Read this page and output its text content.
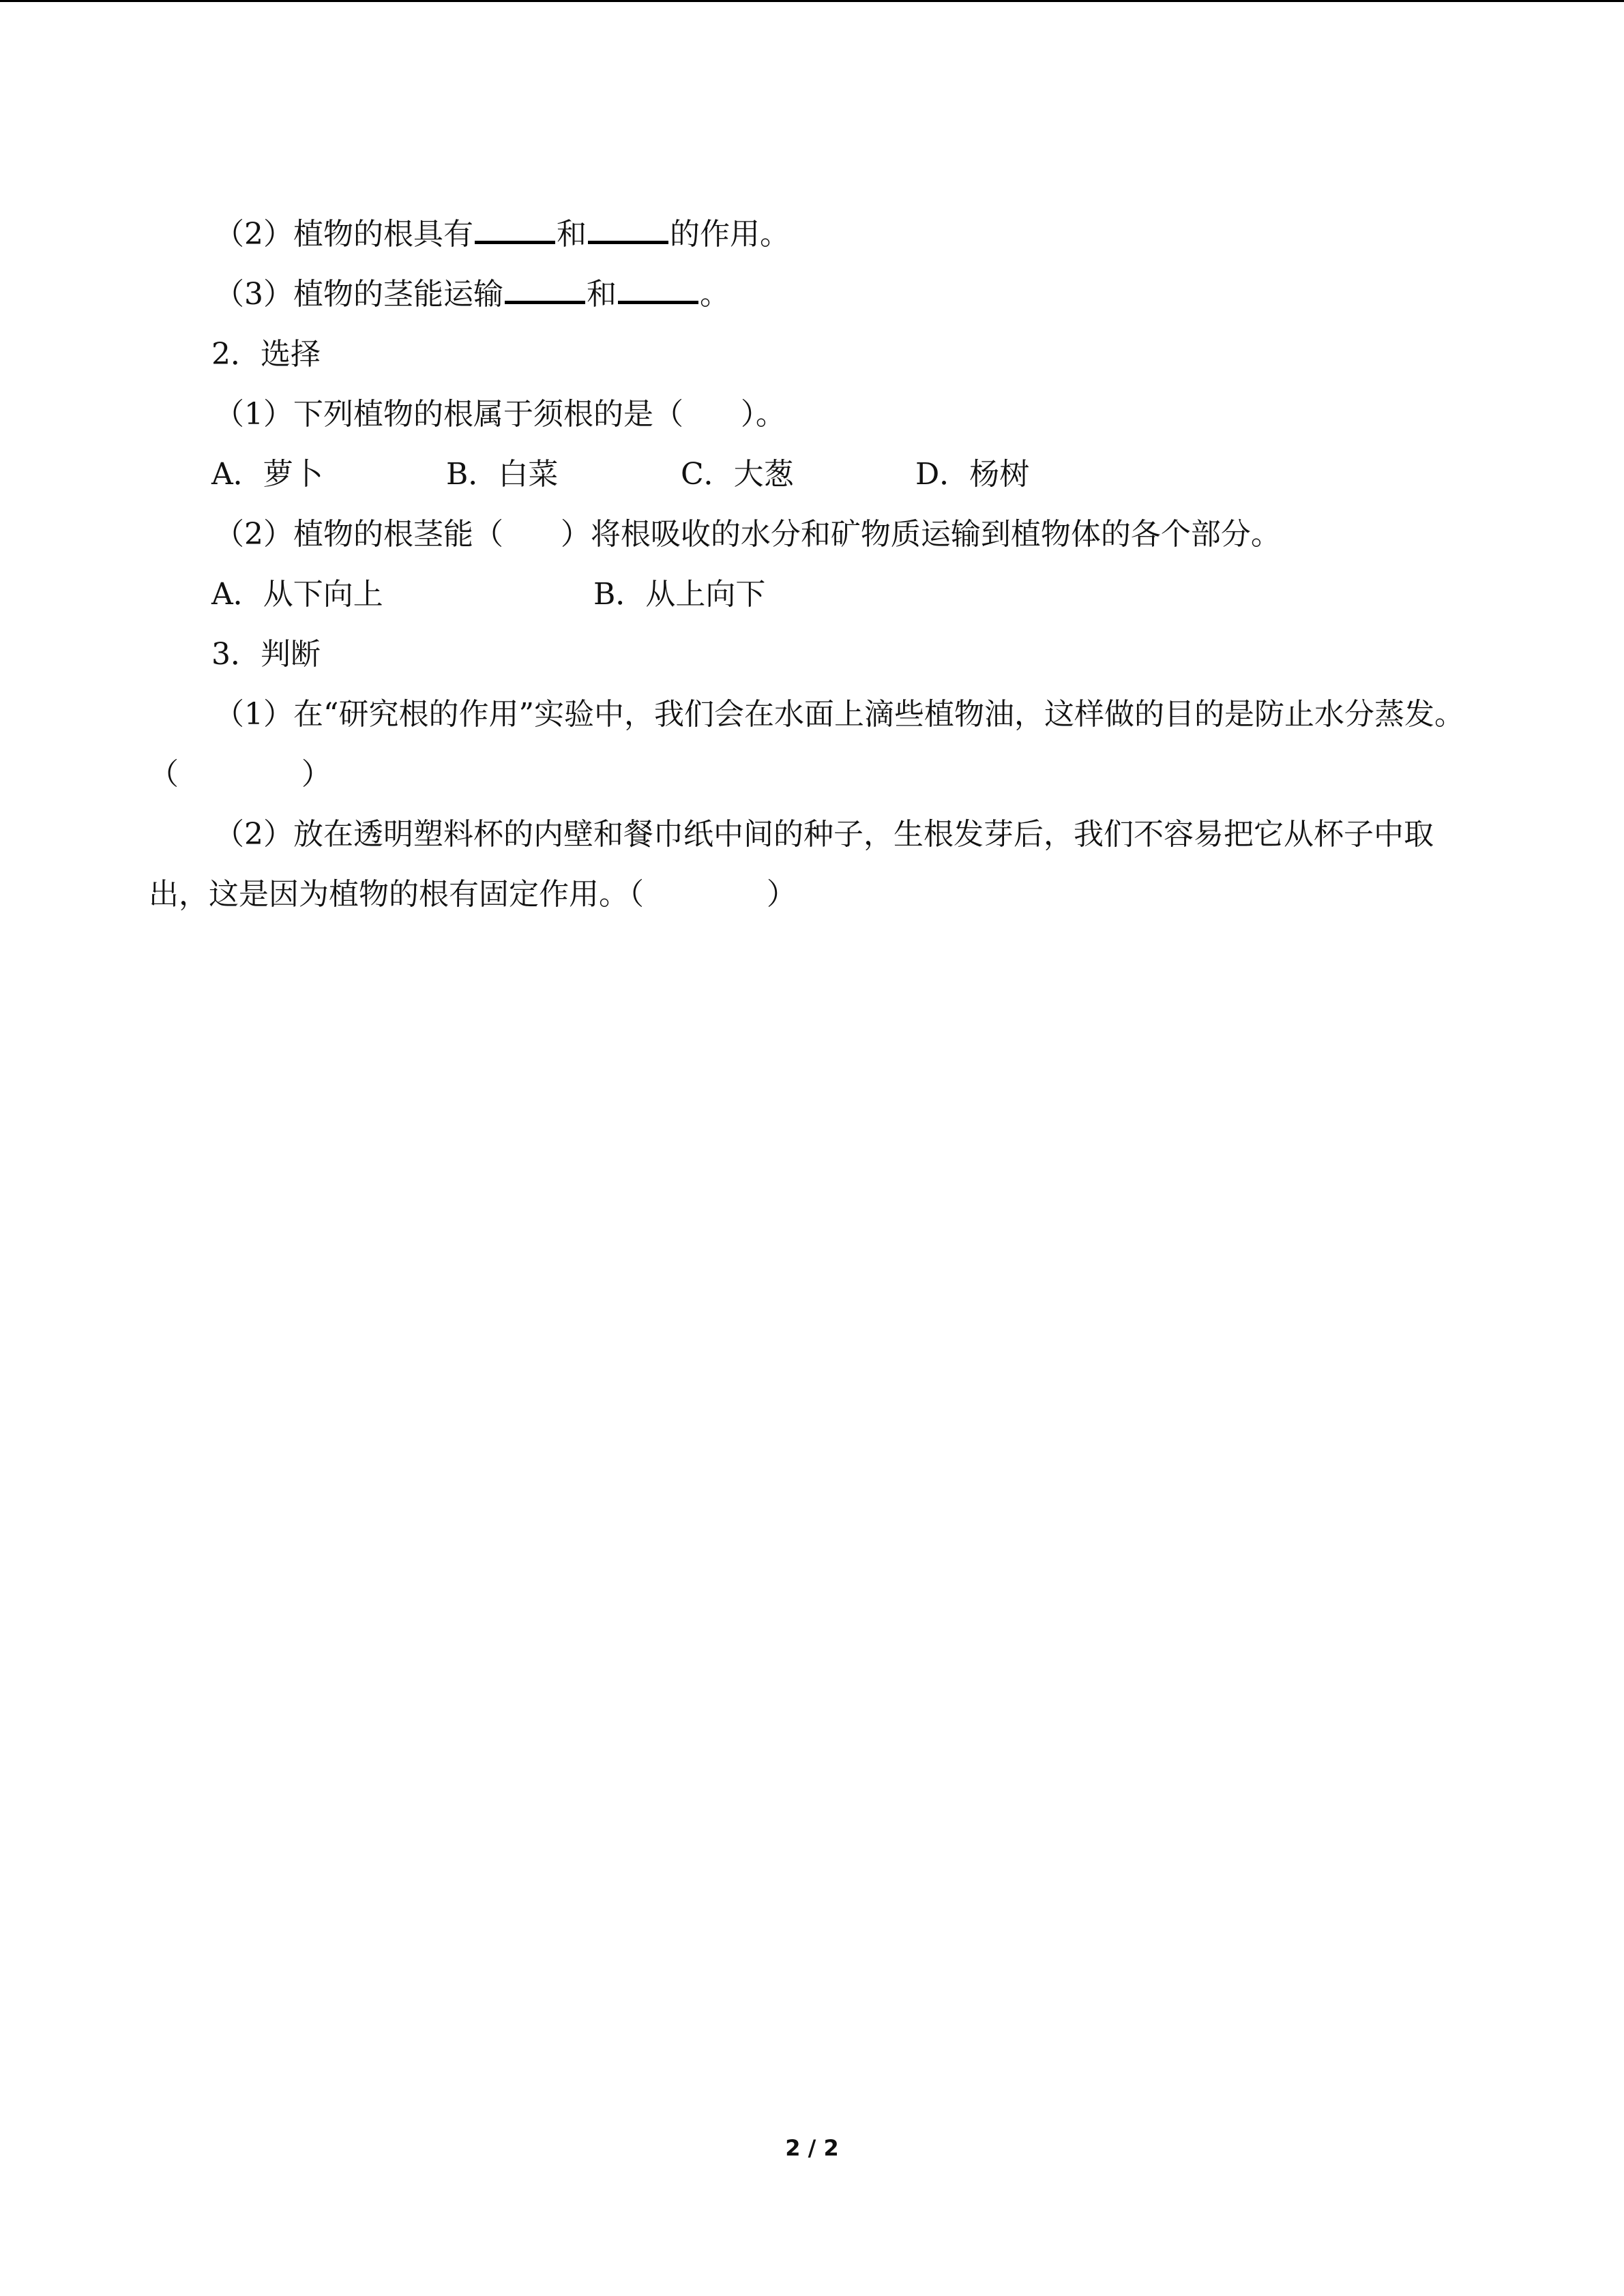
（2）植物的根具有	和	的作用。
（3）植物的茎能运输	和	。
2．选择
（1）下列植物的根属于须根的是（ ）。
A．萝卜	B．白菜	C．大葱	D．杨树
（2）植物的根茎能（ ）将根吸收的水分和矿物质运输到植物体的各个部分。
A．从下向上	B．从上向下
3．判断
（1）在“研究根的作用”实验中，我们会在水面上滴些植物油，这样做的目的是防止水分蒸发。（	）
（2）放在透明塑料杯的内壁和餐巾纸中间的种子，生根发芽后，我们不容易把它从杯子中取出，这是因为植物的根有固定作用。（	）
2 / 2
